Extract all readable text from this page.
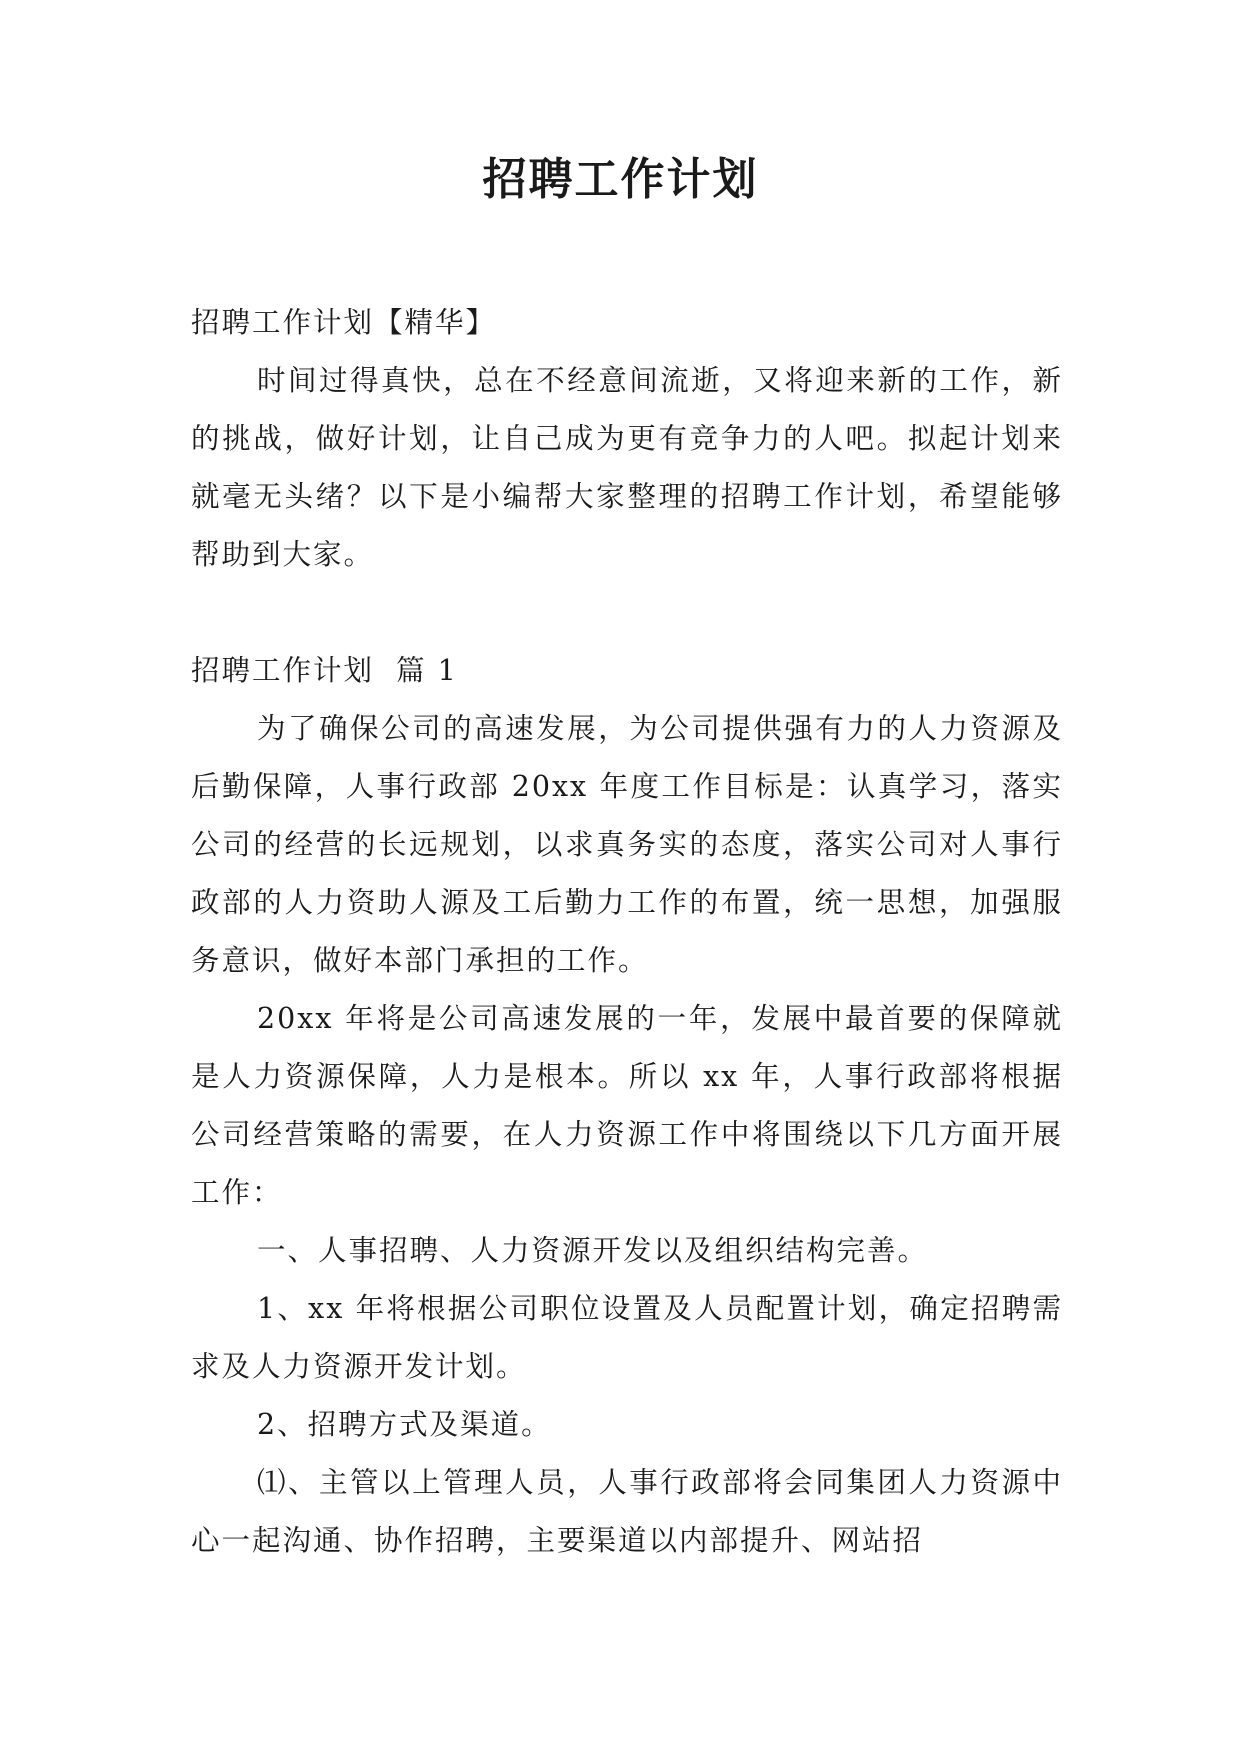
招聘工作计划

招聘工作计划【精华】

时间过得真快，总在不经意间流逝，又将迎来新的工作，新的挑战，做好计划，让自己成为更有竞争力的人吧。拟起计划来就毫无头绪？以下是小编帮大家整理的招聘工作计划，希望能够帮助到大家。

招聘工作计划  篇 1

为了确保公司的高速发展，为公司提供强有力的人力资源及后勤保障，人事行政部 20xx 年度工作目标是：认真学习，落实公司的经营的长远规划，以求真务实的态度，落实公司对人事行政部的人力资助人源及工后勤力工作的布置，统一思想，加强服务意识，做好本部门承担的工作。

20xx 年将是公司高速发展的一年，发展中最首要的保障就是人力资源保障，人力是根本。所以 xx 年，人事行政部将根据公司经营策略的需要，在人力资源工作中将围绕以下几方面开展工作：

一、人事招聘、人力资源开发以及组织结构完善。

1、xx 年将根据公司职位设置及人员配置计划，确定招聘需求及人力资源开发计划。

2、招聘方式及渠道。

⑴、主管以上管理人员，人事行政部将会同集团人力资源中心一起沟通、协作招聘，主要渠道以内部提升、网站招
